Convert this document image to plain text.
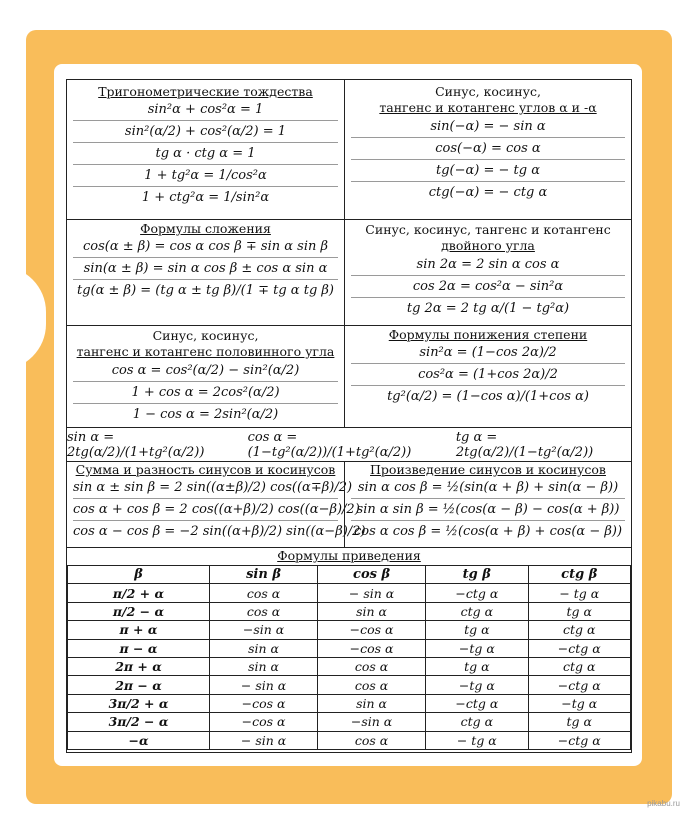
Тригонометрические тождества
sin²α + cos²α = 1
sin²(α/2) + cos²(α/2) = 1
tg α · ctg α = 1
1 + tg²α = 1/cos²α
1 + ctg²α = 1/sin²α
Синус, косинус,
тангенс и котангенс углов α и -α
sin(−α) = − sin α
cos(−α) = cos α
tg(−α) = − tg α
ctg(−α) = − ctg α
Формулы сложения
cos(α ± β) = cos α cos β ∓ sin α sin β
sin(α ± β) = sin α cos β ± cos α sin α
tg(α ± β) = (tg α ± tg β)/(1 ∓ tg α tg β)
Синус, косинус, тангенс и котангенс
двойного угла
sin 2α = 2 sin α cos α
cos 2α = cos²α − sin²α
tg 2α = 2 tg α/(1 − tg²α)
Синус, косинус,
тангенс и котангенс половинного угла
cos α = cos²(α/2) − sin²(α/2)
1 + cos α = 2cos²(α/2)
1 − cos α = 2sin²(α/2)
Формулы понижения степени
sin²α = (1−cos 2α)/2
cos²α = (1+cos 2α)/2
tg²(α/2) = (1−cos α)/(1+cos α)
sin α = 2tg(α/2)/(1+tg²(α/2))
cos α = (1−tg²(α/2))/(1+tg²(α/2))
tg α = 2tg(α/2)/(1−tg²(α/2))
Сумма и разность синусов и косинусов
sin α ± sin β = 2 sin((α±β)/2) cos((α∓β)/2)
cos α + cos β = 2 cos((α+β)/2) cos((α−β)/2)
cos α − cos β = −2 sin((α+β)/2) sin((α−β)/2)
Произведение синусов и косинусов
sin α cos β = ½(sin(α + β) + sin(α − β))
sin α sin β = ½(cos(α − β) − cos(α + β))
cos α cos β = ½(cos(α + β) + cos(α − β))
Формулы приведения
β	sin β	cos β	tg β	ctg β
π/2 + α	cos α	− sin α	−ctg α	− tg α
π/2 − α	cos α	sin α	ctg α	tg α
π + α	−sin α	−cos α	tg α	ctg α
π − α	sin α	−cos α	−tg α	−ctg α
2π + α	sin α	cos α	tg α	ctg α
2π − α	− sin α	cos α	−tg α	−ctg α
3π/2 + α	−cos α	sin α	−ctg α	−tg α
3π/2 − α	−cos α	−sin α	ctg α	tg α
−α	− sin α	cos α	− tg α	−ctg α
pikabu.ru
